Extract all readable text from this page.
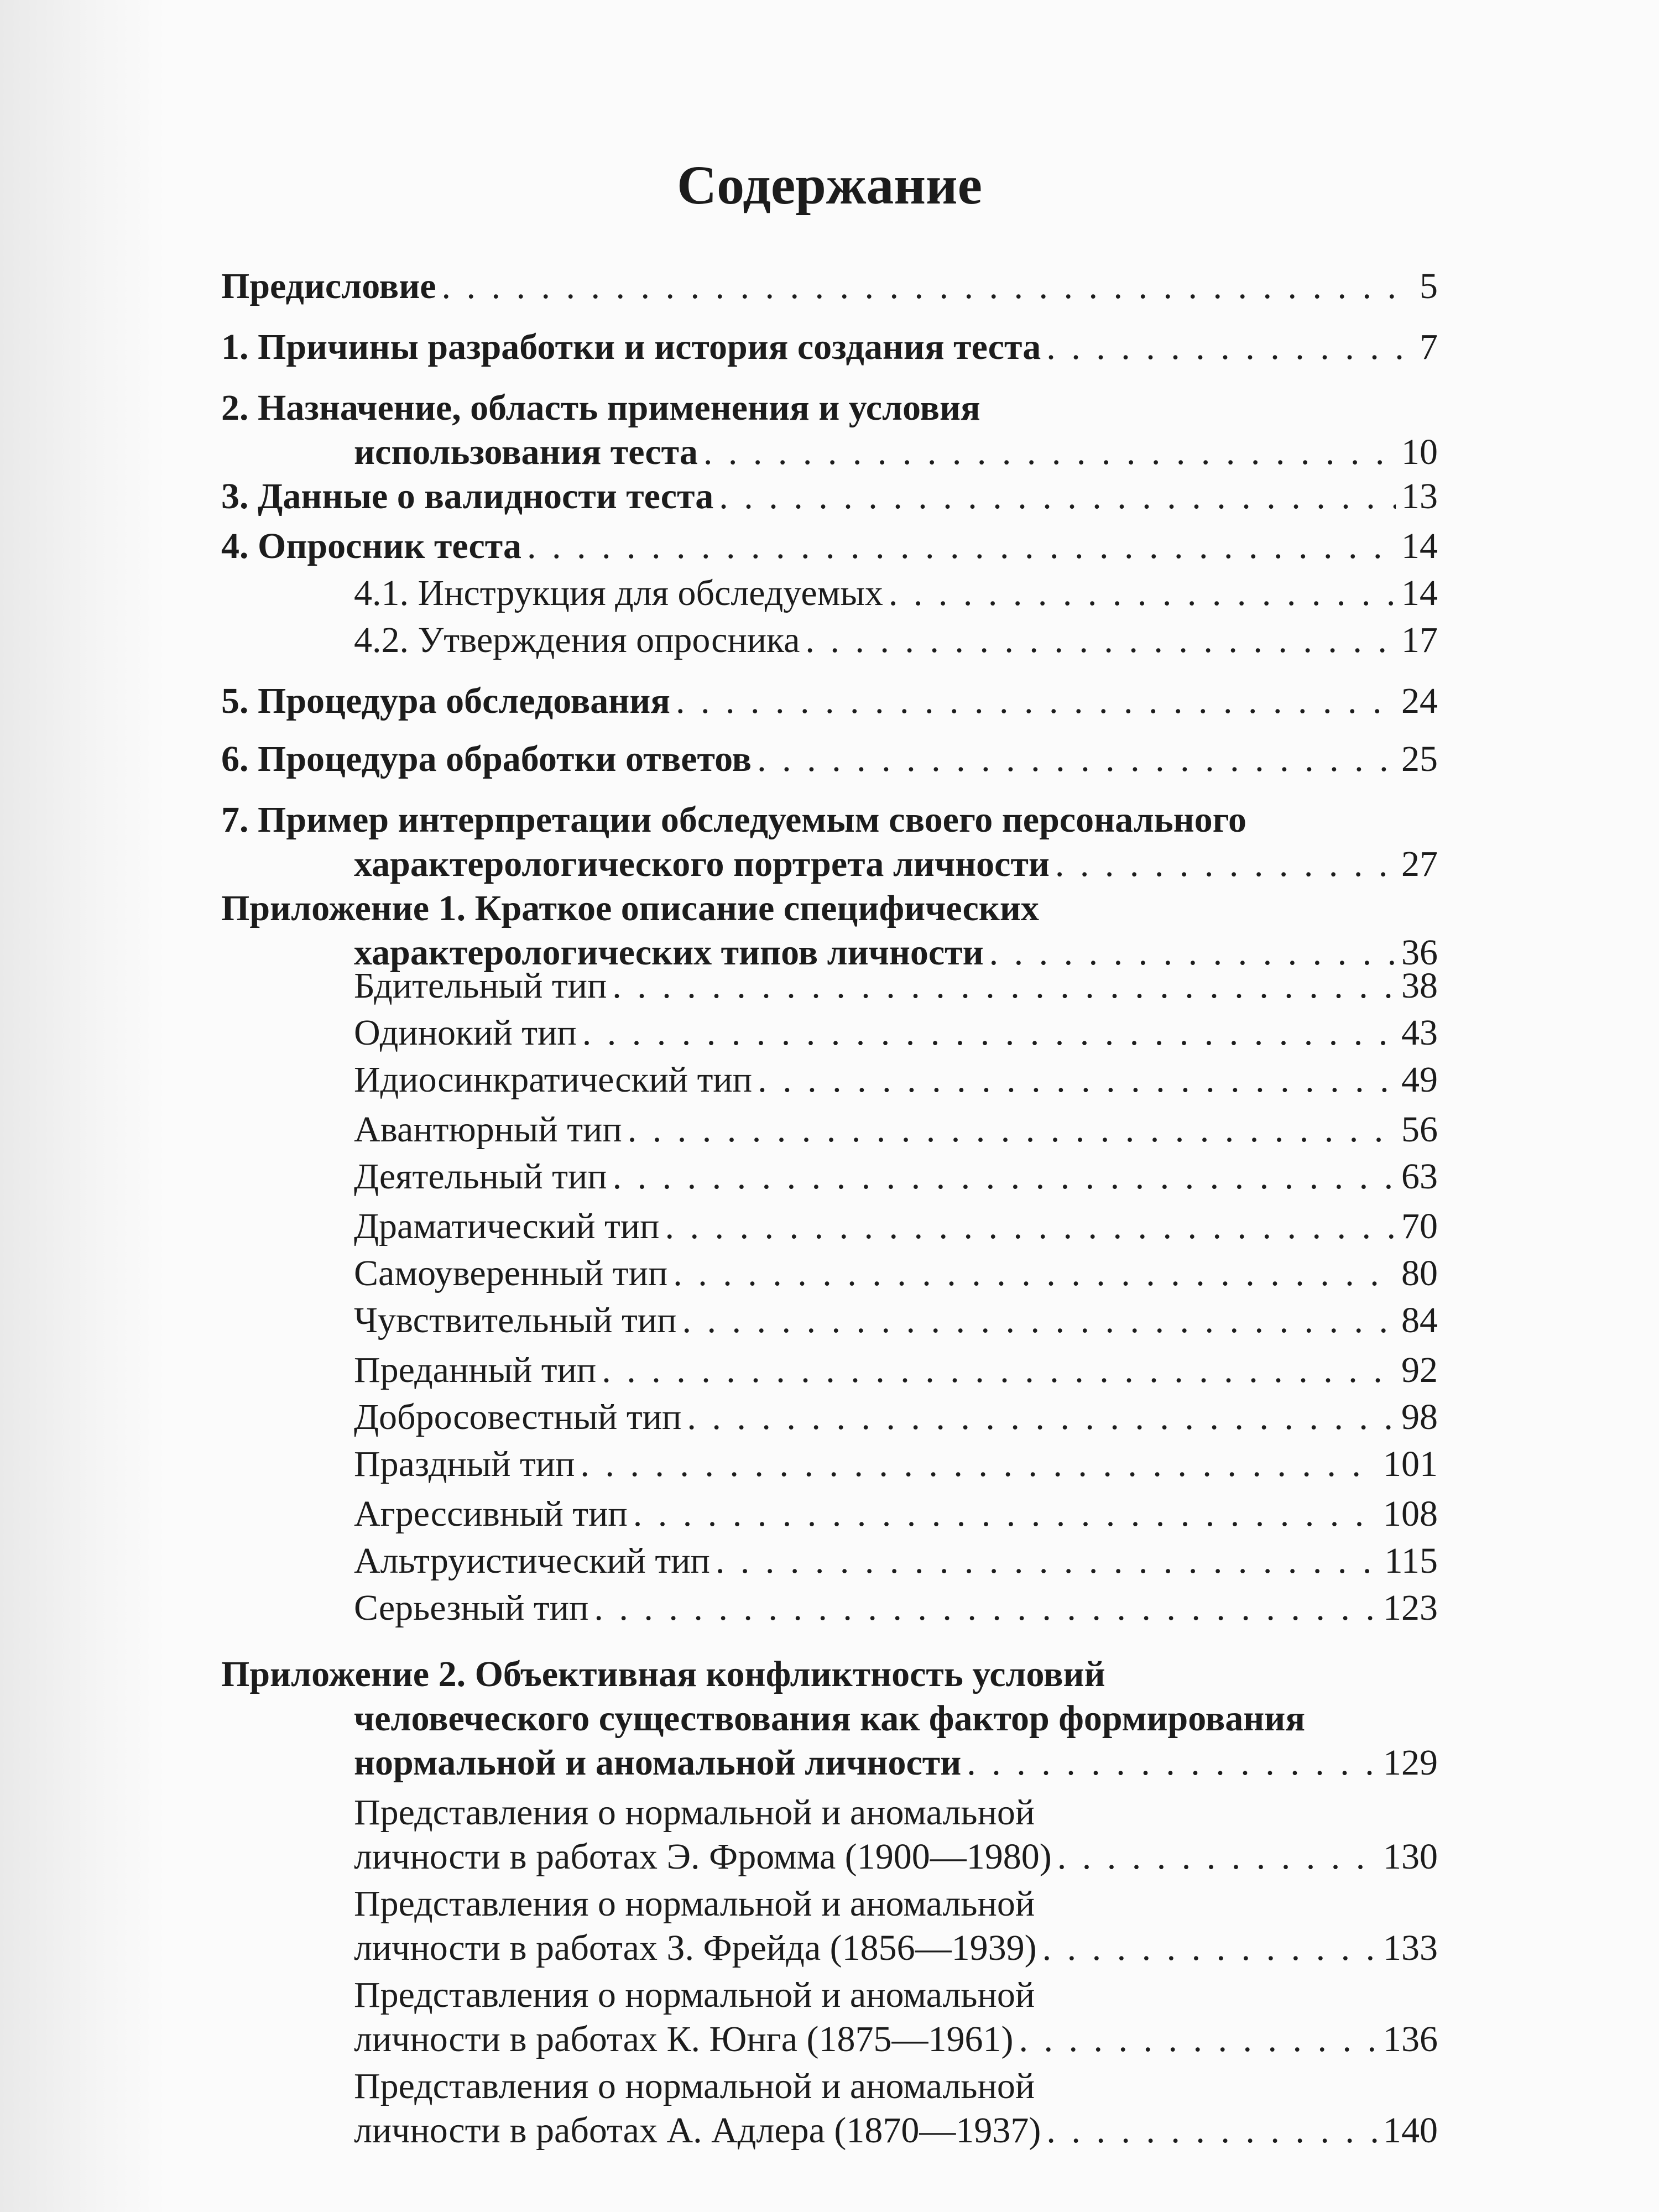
Содержание
Предисловие . . .	5
1. Причины разработки и история создания теста . . .	7
2. Назначение, область применения и условия
использования теста . . .	10
3. Данные о валидности теста . . .	13
4. Опросник теста . . .	14
4.1. Инструкция для обследуемых . . .	14
4.2. Утверждения опросника . . .	17
5. Процедура обследования . . .	24
6. Процедура обработки ответов . . .	25
7. Пример интерпретации обследуемым своего персонального
характерологического портрета личности . . .	27
Приложение 1. Краткое описание специфических
характерологических типов личности . . .	36
Бдительный тип . . .	38
Одинокий тип . . .	43
Идиосинкратический тип . . .	49
Авантюрный тип . . .	56
Деятельный тип . . .	63
Драматический тип . . .	70
Самоуверенный тип . . .	80
Чувствительный тип . . .	84
Преданный тип . . .	92
Добросовестный тип . . .	98
Праздный тип . . .	101
Агрессивный тип . . .	108
Альтруистический тип . . .	115
Серьезный тип . . .	123
Приложение 2. Объективная конфликтность условий
человеческого существования как фактор формирования
нормальной и аномальной личности . . .	129
Представления о нормальной и аномальной
личности в работах Э. Фромма (1900—1980) . . .	130
Представления о нормальной и аномальной
личности в работах З. Фрейда (1856—1939) . . .	133
Представления о нормальной и аномальной
личности в работах К. Юнга (1875—1961) . . .	136
Представления о нормальной и аномальной
личности в работах А. Адлера (1870—1937) . . .	140
